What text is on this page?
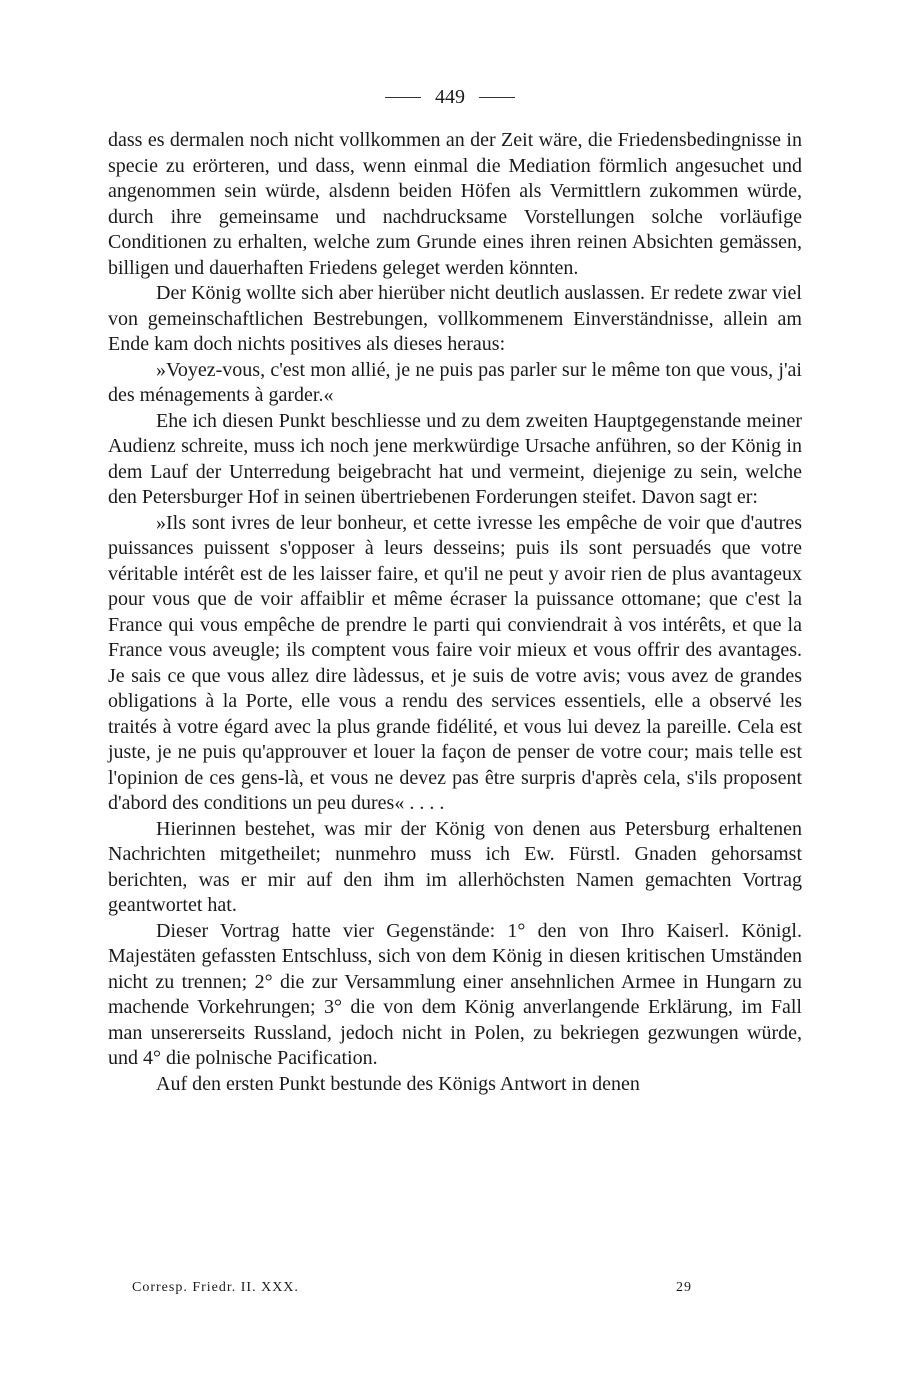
449

dass es dermalen noch nicht vollkommen an der Zeit wäre, die Friedensbedingnisse in specie zu erörteren, und dass, wenn einmal die Mediation förmlich angesuchet und angenommen sein würde, alsdenn beiden Höfen als Vermittlern zukommen würde, durch ihre gemeinsame und nachdrucksame Vorstellungen solche vorläufige Conditionen zu erhalten, welche zum Grunde eines ihren reinen Absichten gemässen, billigen und dauerhaften Friedens geleget werden könnten.

Der König wollte sich aber hierüber nicht deutlich auslassen. Er redete zwar viel von gemeinschaftlichen Bestrebungen, vollkommenem Einverständnisse, allein am Ende kam doch nichts positives als dieses heraus:

»Voyez-vous, c'est mon allié, je ne puis pas parler sur le même ton que vous, j'ai des ménagements à garder.«

Ehe ich diesen Punkt beschliesse und zu dem zweiten Hauptgegenstande meiner Audienz schreite, muss ich noch jene merkwürdige Ursache anführen, so der König in dem Lauf der Unterredung beigebracht hat und vermeint, diejenige zu sein, welche den Petersburger Hof in seinen übertriebenen Forderungen steifet. Davon sagt er:

»Ils sont ivres de leur bonheur, et cette ivresse les empêche de voir que d'autres puissances puissent s'opposer à leurs desseins; puis ils sont persuadés que votre véritable intérêt est de les laisser faire, et qu'il ne peut y avoir rien de plus avantageux pour vous que de voir affaiblir et même écraser la puissance ottomane; que c'est la France qui vous empêche de prendre le parti qui conviendrait à vos intérêts, et que la France vous aveugle; ils comptent vous faire voir mieux et vous offrir des avantages. Je sais ce que vous allez dire làdessus, et je suis de votre avis; vous avez de grandes obligations à la Porte, elle vous a rendu des services essentiels, elle a observé les traités à votre égard avec la plus grande fidélité, et vous lui devez la pareille. Cela est juste, je ne puis qu'approuver et louer la façon de penser de votre cour; mais telle est l'opinion de ces gens-là, et vous ne devez pas être surpris d'après cela, s'ils proposent d'abord des conditions un peu dures« . . . .

Hierinnen bestehet, was mir der König von denen aus Petersburg erhaltenen Nachrichten mitgetheilet; nunmehro muss ich Ew. Fürstl. Gnaden gehorsamst berichten, was er mir auf den ihm im allerhöchsten Namen gemachten Vortrag geantwortet hat.

Dieser Vortrag hatte vier Gegenstände: 1° den von Ihro Kaiserl. Königl. Majestäten gefassten Entschluss, sich von dem König in diesen kritischen Umständen nicht zu trennen; 2° die zur Versammlung einer ansehnlichen Armee in Hungarn zu machende Vorkehrungen; 3° die von dem König anverlangende Erklärung, im Fall man unsererseits Russland, jedoch nicht in Polen, zu bekriegen gezwungen würde, und 4° die polnische Pacification.

Auf den ersten Punkt bestunde des Königs Antwort in denen

Corresp. Friedr. II. XXX.	29
